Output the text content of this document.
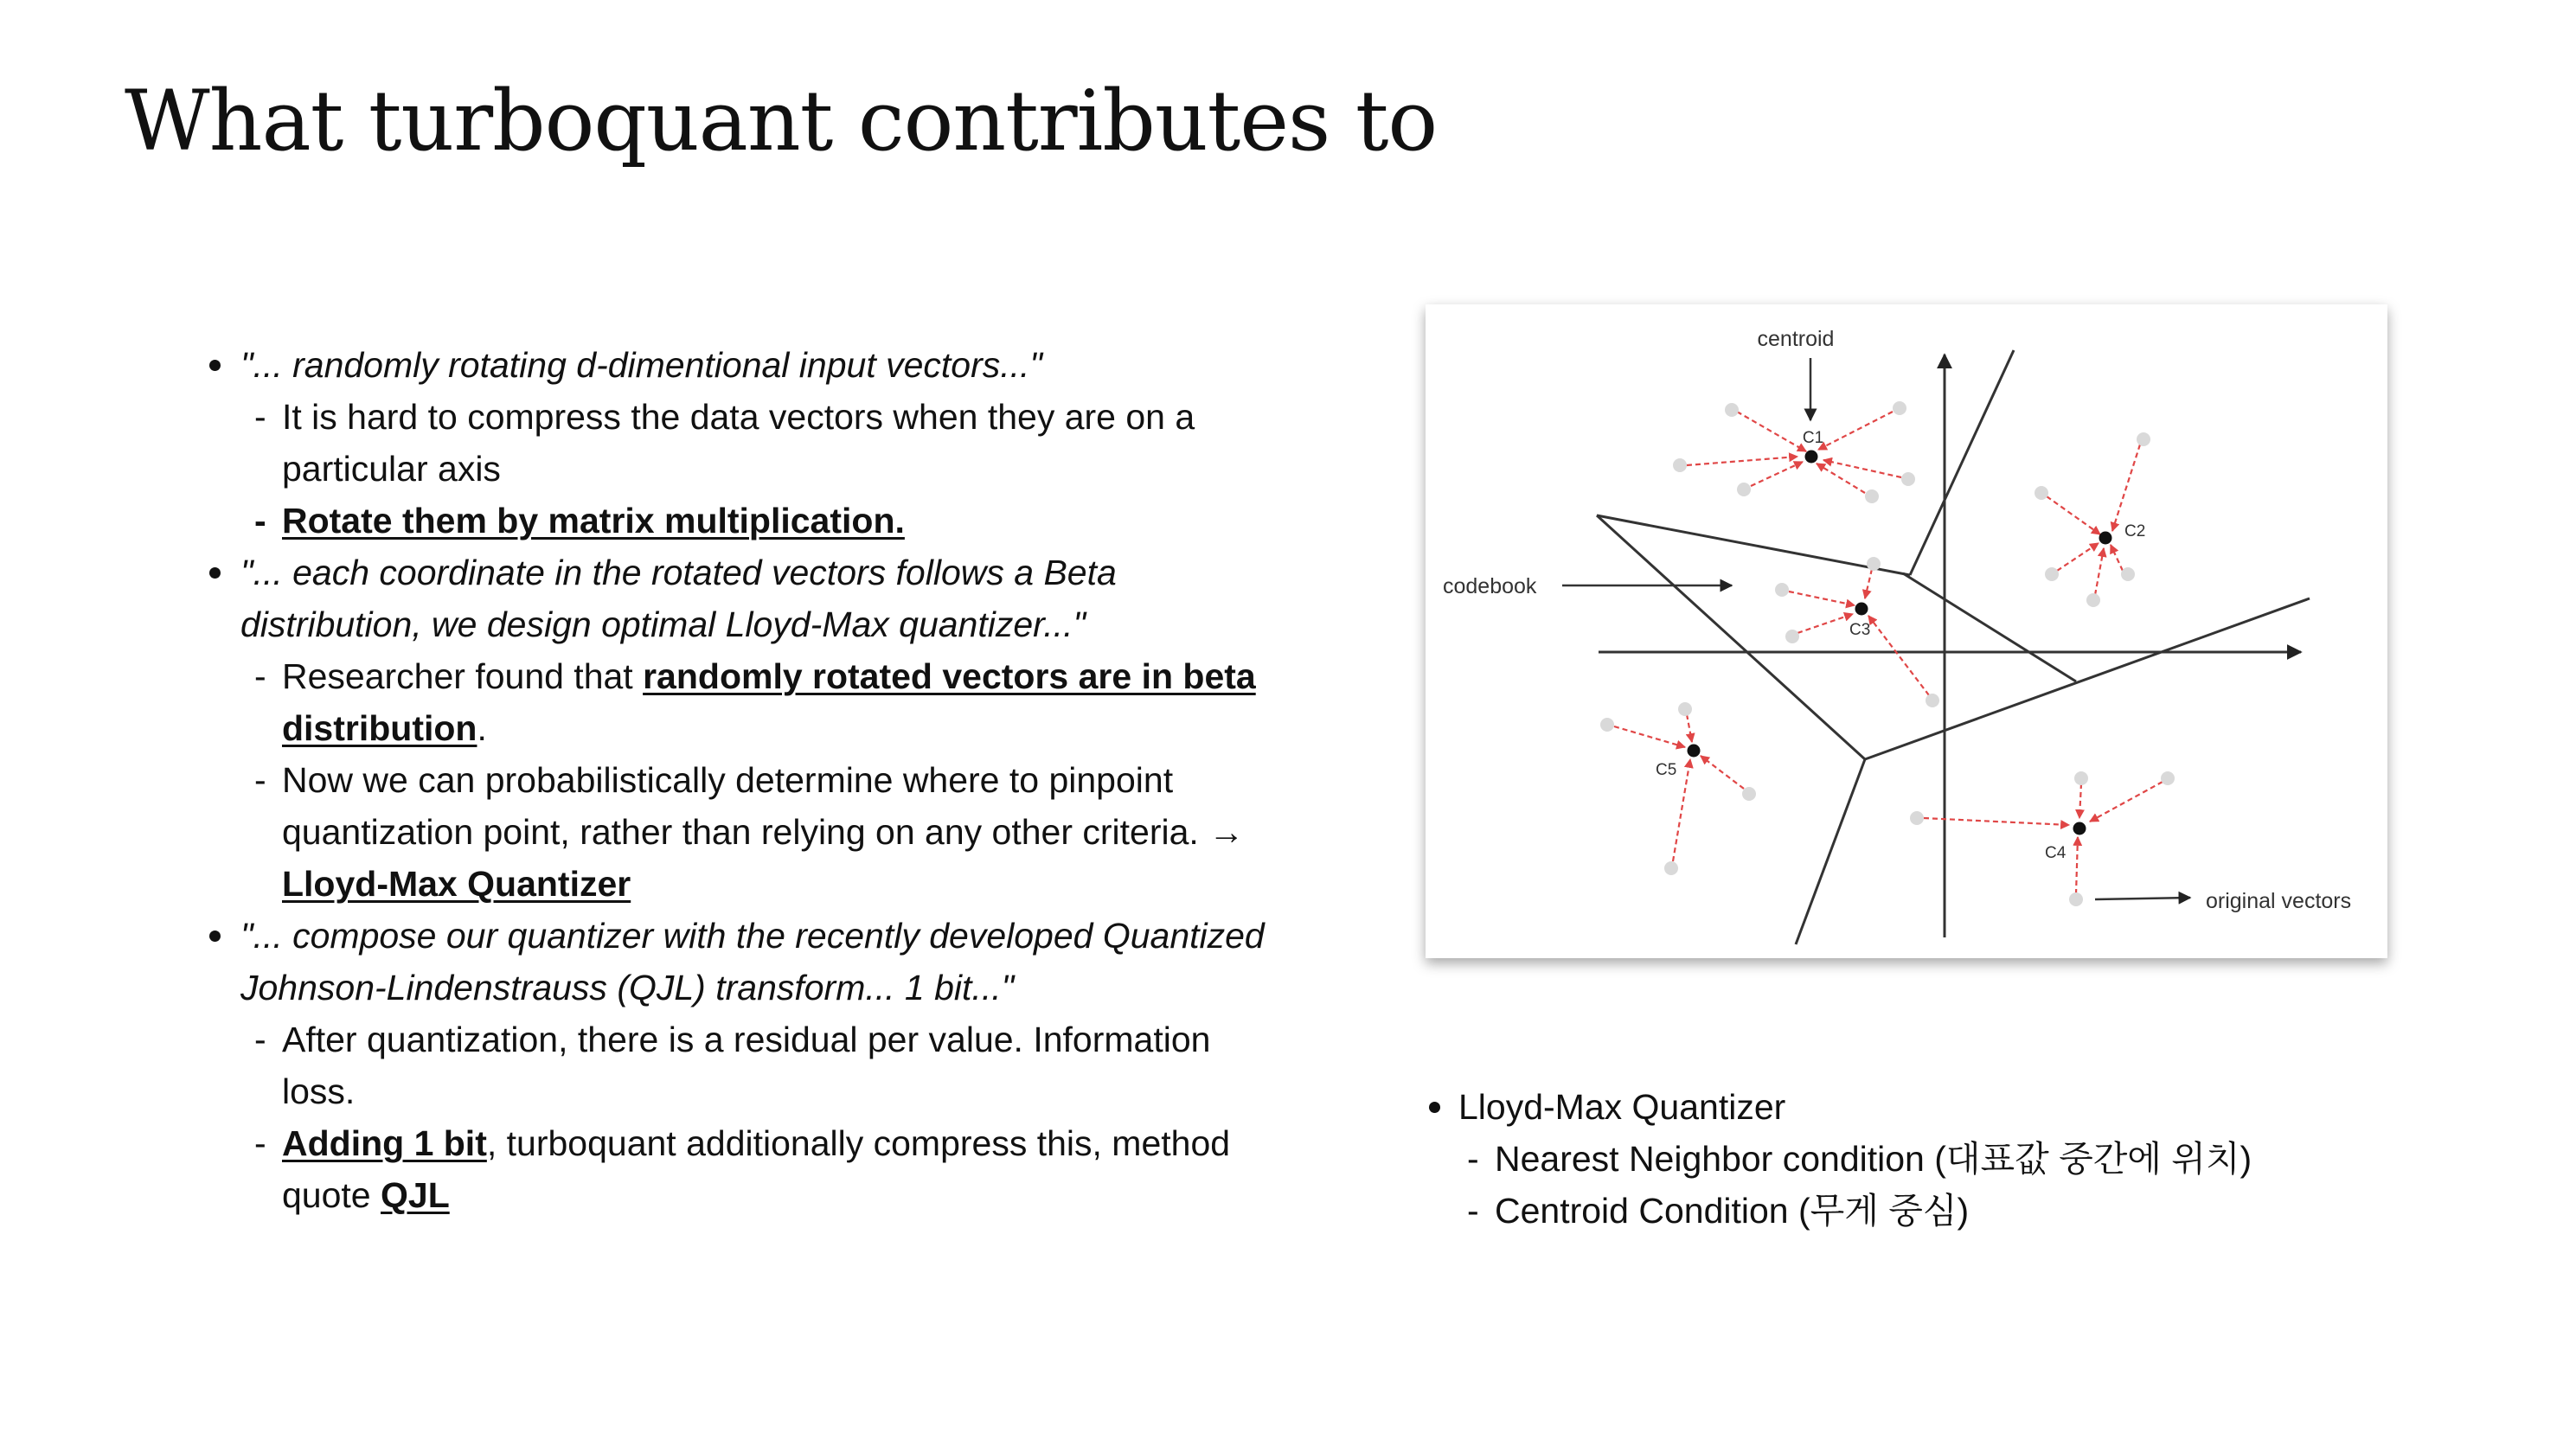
What turboquant contributes to
"... randomly rotating d-dimentional input vectors..."
- It is hard to compress the data vectors when they are on a particular axis
- Rotate them by matrix multiplication.
"... each coordinate in the rotated vectors follows a Beta distribution, we design optimal Lloyd-Max quantizer..."
- Researcher found that randomly rotated vectors are in beta distribution.
- Now we can probabilistically determine where to pinpoint quantization point, rather than relying on any other criteria. → Lloyd-Max Quantizer
"... compose our quantizer with the recently developed Quantized Johnson-Lindenstrauss (QJL) transform... 1 bit..."
- After quantization, there is a residual per value. Information loss.
- Adding 1 bit, turboquant additionally compress this, method quote QJL
centroid
codebook
original vectors
C1
C2
C3
C4
C5
Lloyd-Max Quantizer
- Nearest Neighbor condition (대표값 중간에 위치)
- Centroid Condition (무게 중심)
